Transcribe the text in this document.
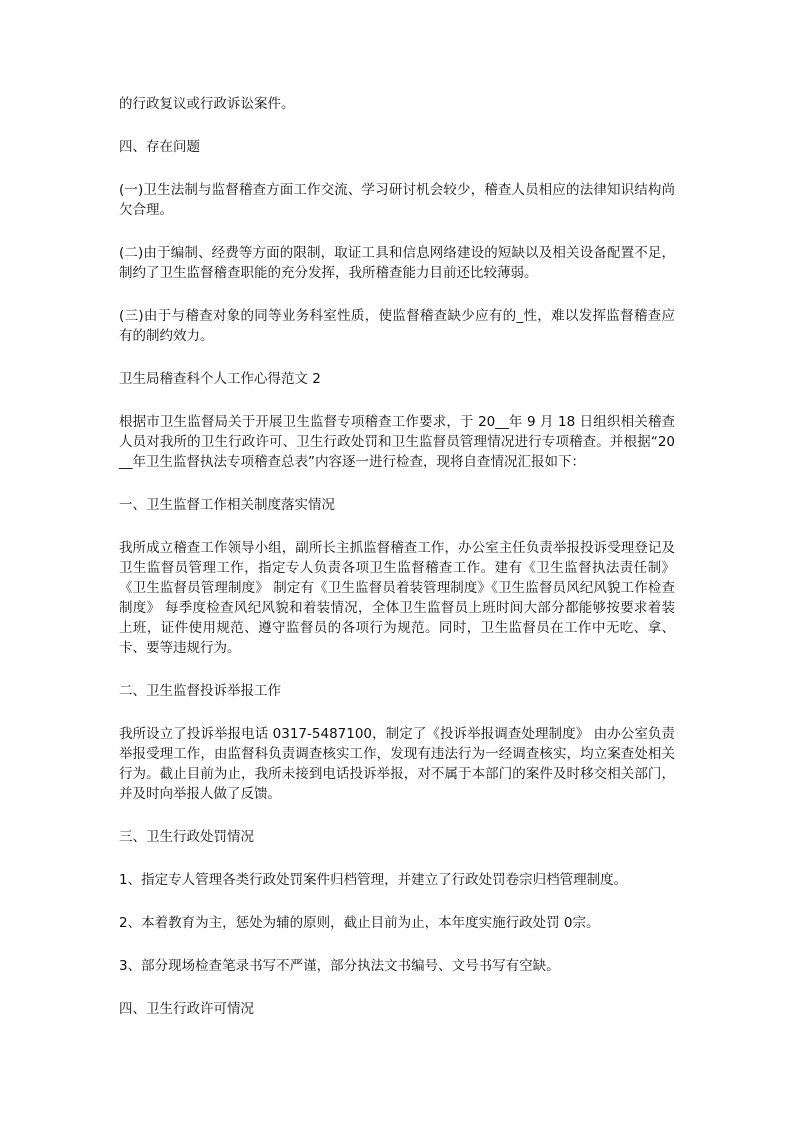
的行政复议或行政诉讼案件。

四、存在问题

(一)卫生法制与监督稽查方面工作交流、学习研讨机会较少，稽查人员相应的法律知识结构尚欠合理。

(二)由于编制、经费等方面的限制，取证工具和信息网络建设的短缺以及相关设备配置不足，制约了卫生监督稽查职能的充分发挥，我所稽查能力目前还比较薄弱。

(三)由于与稽查对象的同等业务科室性质，使监督稽查缺少应有的_性，难以发挥监督稽查应有的制约效力。

卫生局稽查科个人工作心得范文 2

根据市卫生监督局关于开展卫生监督专项稽查工作要求，于 20__年 9 月 18 日组织相关稽查人员对我所的卫生行政许可、卫生行政处罚和卫生监督员管理情况进行专项稽查。并根据“20__年卫生监督执法专项稽查总表”内容逐一进行检查，现将自查情况汇报如下：

一、卫生监督工作相关制度落实情况

我所成立稽查工作领导小组，副所长主抓监督稽查工作，办公室主任负责举报投诉受理登记及卫生监督员管理工作，指定专人负责各项卫生监督稽查工作。建有《卫生监督执法责任制》《卫生监督员管理制度》 制定有《卫生监督员着装管理制度》《卫生监督员风纪风貌工作检查制度》 每季度检查风纪风貌和着装情况，全体卫生监督员上班时间大部分都能够按要求着装上班，证件使用规范、遵守监督员的各项行为规范。同时，卫生监督员在工作中无吃、拿、卡、要等违规行为。

二、卫生监督投诉举报工作

我所设立了投诉举报电话 0317-5487100，制定了《投诉举报调查处理制度》 由办公室负责举报受理工作，由监督科负责调查核实工作，发现有违法行为一经调查核实，均立案查处相关行为。截止目前为止，我所未接到电话投诉举报，对不属于本部门的案件及时移交相关部门，并及时向举报人做了反馈。

三、卫生行政处罚情况

1、指定专人管理各类行政处罚案件归档管理，并建立了行政处罚卷宗归档管理制度。

2、本着教育为主，惩处为辅的原则，截止目前为止，本年度实施行政处罚 0宗。

3、部分现场检查笔录书写不严谨，部分执法文书编号、文号书写有空缺。

四、卫生行政许可情况
